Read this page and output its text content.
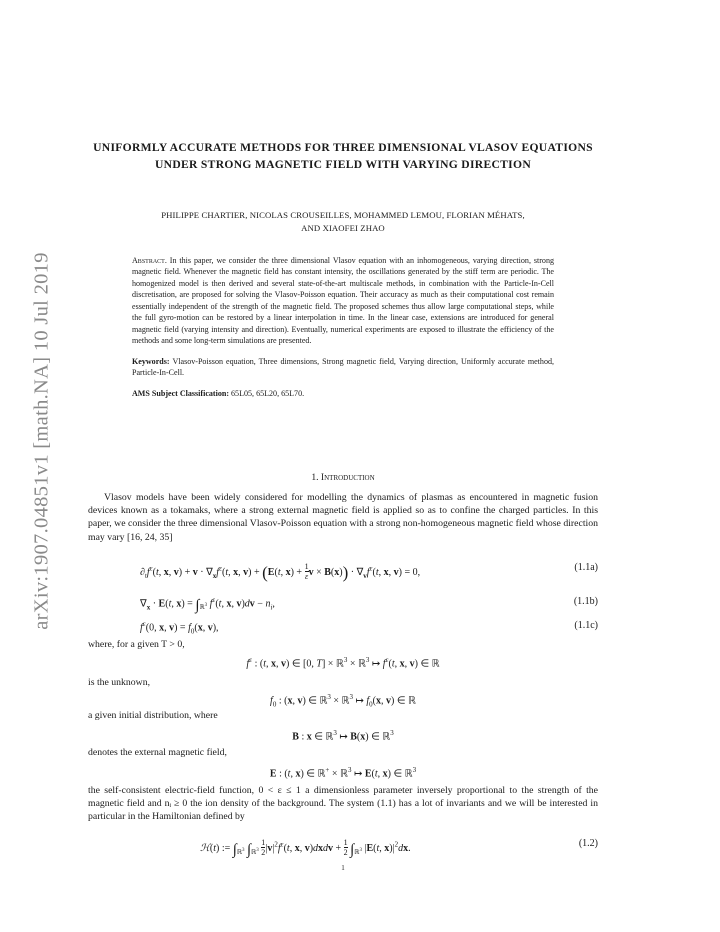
arXiv:1907.04851v1 [math.NA] 10 Jul 2019
UNIFORMLY ACCURATE METHODS FOR THREE DIMENSIONAL VLASOV EQUATIONS UNDER STRONG MAGNETIC FIELD WITH VARYING DIRECTION
PHILIPPE CHARTIER, NICOLAS CROUSEILLES, MOHAMMED LEMOU, FLORIAN MÉHATS,
AND XIAOFEI ZHAO

Abstract. In this paper, we consider the three dimensional Vlasov equation with an inhomogeneous, varying direction, strong magnetic field. Whenever the magnetic field has constant intensity, the oscillations generated by the stiff term are periodic. The homogenized model is then derived and several state-of-the-art multiscale methods, in combination with the Particle-In-Cell discretisation, are proposed for solving the Vlasov-Poisson equation. Their accuracy as much as their computational cost remain essentially independent of the strength of the magnetic field. The proposed schemes thus allow large computational steps, while the full gyro-motion can be restored by a linear interpolation in time. In the linear case, extensions are introduced for general magnetic field (varying intensity and direction). Eventually, numerical experiments are exposed to illustrate the efficiency of the methods and some long-term simulations are presented.

Keywords: Vlasov-Poisson equation, Three dimensions, Strong magnetic field, Varying direction, Uniformly accurate method, Particle-In-Cell.

AMS Subject Classification: 65L05, 65L20, 65L70.

1. Introduction

Vlasov models have been widely considered for modelling the dynamics of plasmas as encountered in magnetic fusion devices known as a tokamaks, where a strong external magnetic field is applied so as to confine the charged particles. In this paper, we consider the three dimensional Vlasov-Poisson equation with a strong non-homogeneous magnetic field whose direction may vary [16, 24, 35]

$\partial_tf^\varepsilon(t$, x, $v) + v \cdot \nabla_xf^\varepsilon(t$, x, v) + (E(t, $x) + \frac{1}{\varepsilon}$ $v \times B(x)) \cdot \nabla_vf^\varepsilon(t$, x, v) = 0,	(1.1a)
$\nabla_x \cdot E(t$, $x) = \int_{ℝ^3}$ $f^\varepsilon(t$, x, $v)dv - n_i$,	(1.1b)
$f^\varepsilon(0$, x, $v) = f_0(x$, v),	(1.1c)

where, for a given T > 0,

$f^\varepsilon$ : (t, x, v) ∈ [0, T] × ℝ$^3$ × ℝ$^3$ ↦ $f^\varepsilon(t$, x, v) ∈ ℝ

is the unknown,

$f_0$ : (x, v) ∈ ℝ$^3$ × ℝ$^3$ ↦ $f_0(x$, v) ∈ ℝ

a given initial distribution, where

B : x ∈ ℝ$^3$ ↦ B(x) ∈ ℝ$^3$

denotes the external magnetic field,

E : (t, x) ∈ ℝ+ × ℝ$^3$ ↦ E(t, x) ∈ ℝ$^3$

the self-consistent electric-field function, 0 < ε ≤ 1 a dimensionless parameter inversely proportional to the strength of the magnetic field and nᵢ ≥ 0 the ion density of the background. The system (1.1) has a lot of invariants and we will be interested in particular in the Hamiltonian defined by

ℋ(t) := $\int_{ℝ^3}$ $\int_{ℝ^3} \frac{1}{2} |v|^2f^\varepsilon(t$, x, v)dxdv + $\frac{1}{2} \int_{ℝ^3}$ |E(t, $x)|^2dx$.	(1.2)
1
